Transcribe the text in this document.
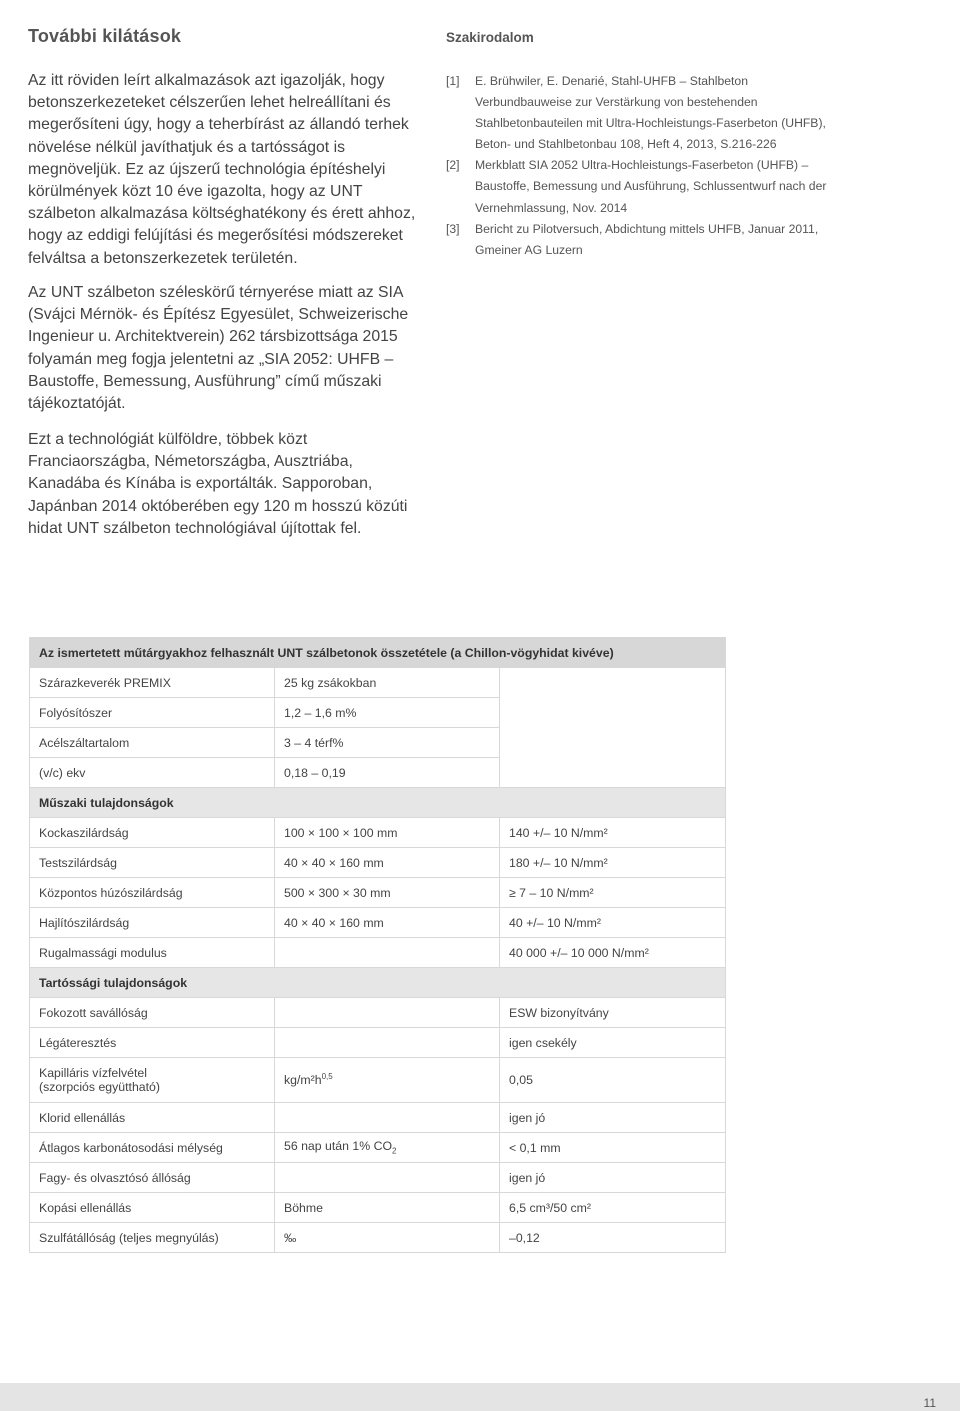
További kilátások

Az itt röviden leírt alkalmazások azt igazolják, hogy betonszerkezeteket célszerűen lehet helreállítani és megerősíteni úgy, hogy a teherbírást az állandó terhek növelése nélkül javíthatjuk és a tartósságot is megnöveljük. Ez az újszerű technológia építéshelyi körülmények közt 10 éve igazolta, hogy az UNT szálbeton alkalmazása költséghatékony és érett ahhoz, hogy az eddigi felújítási és megerősítési módszereket felváltsa a betonszerkezetek területén.

Az UNT szálbeton széleskörű térnyerése miatt az SIA (Svájci Mérnök- és Építész Egyesület, Schweizerische Ingenieur u. Architektverein) 262 társbizottsága 2015 folyamán meg fogja jelentetni az „SIA 2052: UHFB – Baustoffe, Bemessung, Ausführung” című műszaki tájékoztatóját.

Ezt a technológiát külföldre, többek közt Franciaországba, Németországba, Ausztriába, Kanadába és Kínába is exportálták. Sapporoban, Japánban 2014 októberében egy 120 m hosszú közúti hidat UNT szálbeton technológiával újítottak fel.

Szakirodalom
[1]	E. Brühwiler, E. Denarié, Stahl-UHFB – Stahlbeton Verbundbauweise zur Verstärkung von bestehenden Stahlbetonbauteilen mit Ultra-Hochleistungs-Faserbeton (UHFB), Beton- und Stahlbetonbau 108, Heft 4, 2013, S.216-226
[2]	Merkblatt SIA 2052 Ultra-Hochleistungs-Faserbeton (UHFB) – Baustoffe, Bemessung und Ausführung, Schlussentwurf nach der Vernehmlassung, Nov. 2014
[3]	Bericht zu Pilotversuch, Abdichtung mittels UHFB, Januar 2011, Gmeiner AG Luzern
Az ismertetett műtárgyakhoz felhasznált UNT szálbetonok összetétele (a Chillon-vögyhidat kivéve)		
Szárazkeverék PREMIX	25 kg zsákokban	
Folyósítószer	1,2 – 1,6 m%	
Acélszáltartalom	3 – 4 térf%	
(v/c) ekv	0,18 – 0,19	
Műszaki tulajdonságok		
Kockaszilárdság	100 × 100 × 100 mm	140 +/– 10 N/mm²
Testszilárdság	40 × 40 × 160 mm	180 +/– 10 N/mm²
Központos húzószilárdság	500 × 300 × 30 mm	≥ 7 – 10 N/mm²
Hajlítószilárdság	40 × 40 × 160 mm	40 +/– 10 N/mm²
Rugalmassági modulus		40 000 +/– 10 000 N/mm²
Tartóssági tulajdonságok		
Fokozott savállóság		ESW bizonyítvány
Légáteresztés		igen csekély
Kapilláris vízfelvétel
(szorpciós együttható)	$kg/m^2h^{0,5}$	0,05
Klorid ellenállás		igen jó
Átlagos karbonátosodási mélység	56 nap után 1% $CO_2$	< 0,1 mm
Fagy- és olvasztósó állóság		igen jó
Kopási ellenállás	Böhme	6,5 cm³/50 cm²
Szulfátállóság (teljes megnyúlás)	‰	–0,12
11
